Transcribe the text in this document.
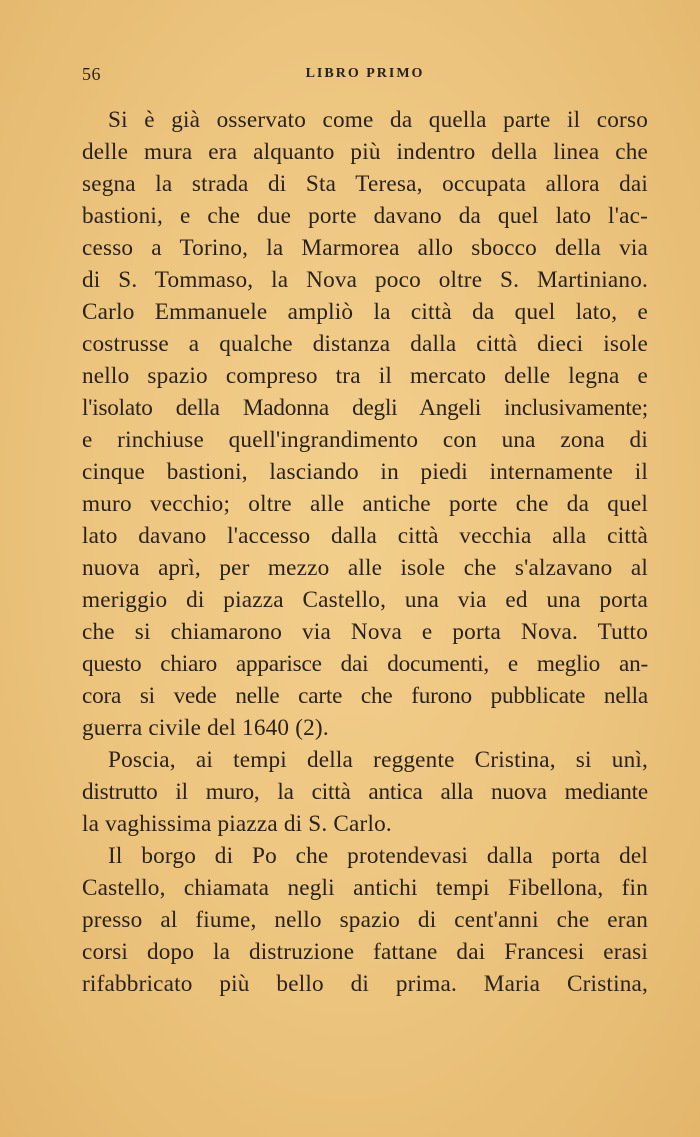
56	LIBRO PRIMO
Si è già osservato come da quella parte il corso
delle mura era alquanto più indentro della linea che
segna la strada di Sta Teresa, occupata allora dai
bastioni, e che due porte davano da quel lato l'ac-
cesso a Torino, la Marmorea allo sbocco della via
di S. Tommaso, la Nova poco oltre S. Martiniano.
Carlo Emmanuele ampliò la città da quel lato, e
costrusse a qualche distanza dalla città dieci isole
nello spazio compreso tra il mercato delle legna e
l'isolato della Madonna degli Angeli inclusivamente;
e rinchiuse quell'ingrandimento con una zona di
cinque bastioni, lasciando in piedi internamente il
muro vecchio; oltre alle antiche porte che da quel
lato davano l'accesso dalla città vecchia alla città
nuova aprì, per mezzo alle isole che s'alzavano al
meriggio di piazza Castello, una via ed una porta
che si chiamarono via Nova e porta Nova. Tutto
questo chiaro apparisce dai documenti, e meglio an-
cora si vede nelle carte che furono pubblicate nella
guerra civile del 1640 (2).
Poscia, ai tempi della reggente Cristina, si unì,
distrutto il muro, la città antica alla nuova mediante
la vaghissima piazza di S. Carlo.
Il borgo di Po che protendevasi dalla porta del
Castello, chiamata negli antichi tempi Fibellona, fin
presso al fiume, nello spazio di cent'anni che eran
corsi dopo la distruzione fattane dai Francesi erasi
rifabbricato più bello di prima. Maria Cristina,
